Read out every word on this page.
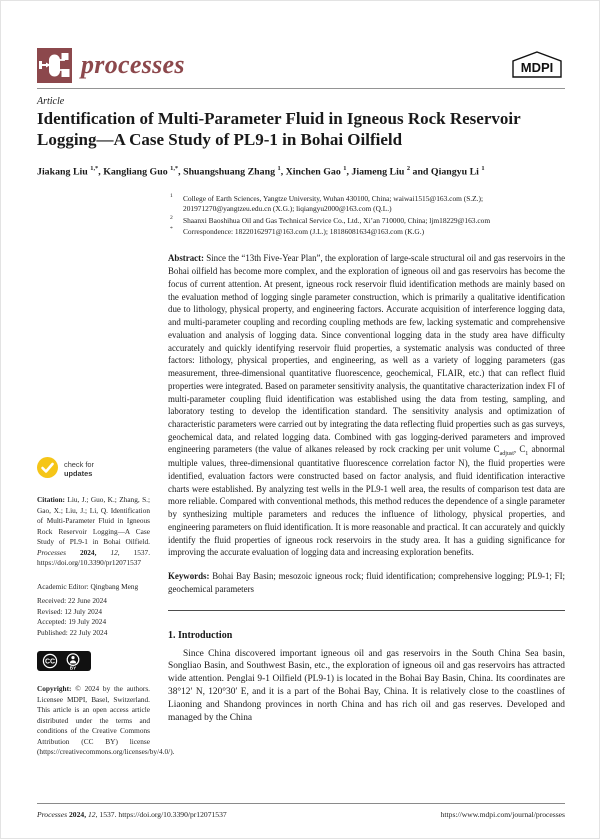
processes	MDPI
Article
Identification of Multi-Parameter Fluid in Igneous Rock Reservoir Logging—A Case Study of PL9-1 in Bohai Oilfield
Jiakang Liu $^{1,*}$, Kangliang Guo $^{1,*}$, Shuangshuang Zhang $^1$, Xinchen Gao $^1$, Jiameng Liu $^2$ and Qiangyu Li $^1$
check for
updates
Citation: Liu, J.; Guo, K.; Zhang, S.; Gao, X.; Liu, J.; Li, Q. Identification of Multi-Parameter Fluid in Igneous Rock Reservoir Logging—A Case Study of PL9-1 in Bohai Oilfield. Processes 2024, 12, 1537. https://doi.org/10.3390/pr12071537
Academic Editor: Qingbang Meng
Received: 22 June 2024
Revised: 12 July 2024
Accepted: 19 July 2024
Published: 22 July 2024
CC
BY
Copyright: © 2024 by the authors. Licensee MDPI, Basel, Switzerland. This article is an open access article distributed under the terms and conditions of the Creative Commons Attribution (CC BY) license (https://creativecommons.org/licenses/by/4.0/).
1 College of Earth Sciences, Yangtze University, Wuhan 430100, China; waiwai1515@163.com (S.Z.); 201971270@yangtzeu.edu.cn (X.G.); liqiangyu2000@163.com (Q.L.)
2 Shaanxi Baoshihua Oil and Gas Technical Service Co., Ltd., Xi’an 710000, China; ljm18229@163.com
* Correspondence: 18220162971@163.com (J.L.); 18186081634@163.com (K.G.)

Abstract: Since the “13th Five-Year Plan”, the exploration of large-scale structural oil and gas reservoirs in the Bohai oilfield has become more complex, and the exploration of igneous oil and gas reservoirs has become the focus of current attention. At present, igneous rock reservoir fluid identification methods are mainly based on the evaluation method of logging single parameter construction, which is primarily a qualitative identification due to lithology, physical property, and engineering factors. Accurate acquisition of interference logging data, and multi-parameter coupling and recording coupling methods are few, lacking systematic and comprehensive evaluation and analysis of logging data. Since conventional logging data in the study area have difficulty accurately and quickly identifying reservoir fluid properties, a systematic analysis was conducted of three factors: lithology, physical properties, and engineering, as well as a variety of logging parameters (gas measurement, three-dimensional quantitative fluorescence, geochemical, FLAIR, etc.) that can reflect fluid properties were integrated. Based on parameter sensitivity analysis, the quantitative characterization index FI of multi-parameter coupling fluid identification was established using the data from testing, sampling, and laboratory testing to develop the identification standard. The sensitivity analysis and optimization of characteristic parameters were carried out by integrating the data reflecting fluid properties such as gas surveys, geochemical data, and related logging data. Combined with gas logging-derived parameters and improved engineering parameters (the value of alkanes released by rock cracking per unit volume $C_{adjust}$, $C_1$ abnormal multiple values, three-dimensional quantitative fluorescence correlation factor N), the fluid properties were identified, evaluation factors were constructed based on factor analysis, and fluid identification interactive charts were established. By analyzing test wells in the PL9-1 well area, the results of comparison test data are more reliable. Compared with conventional methods, this method reduces the dependence of a single parameter by synthesizing multiple parameters and reduces the influence of lithology, physical properties, and engineering parameters on fluid identification. It is more reasonable and practical. It can accurately and quickly identify the fluid properties of igneous rock reservoirs in the study area. It has a guiding significance for improving the accurate evaluation of logging data and increasing exploration benefits.

Keywords: Bohai Bay Basin; mesozoic igneous rock; fluid identification; comprehensive logging; PL9-1; FI; geochemical parameters

1. Introduction

Since China discovered important igneous oil and gas reservoirs in the South China Sea basin, Songliao Basin, and Southwest Basin, etc., the exploration of igneous oil and gas reservoirs has attracted wide attention. Penglai 9-1 Oilfield (PL9-1) is located in the Bohai Bay Basin, China. Its coordinates are 38°12′ N, 120°30′ E, and it is a part of the Bohai Bay, China. It is relatively close to the coastlines of Liaoning and Shandong provinces in north China and has rich oil and gas reserves. Developed and managed by the China

Processes 2024, 12, 1537. https://doi.org/10.3390/pr12071537	https://www.mdpi.com/journal/processes
